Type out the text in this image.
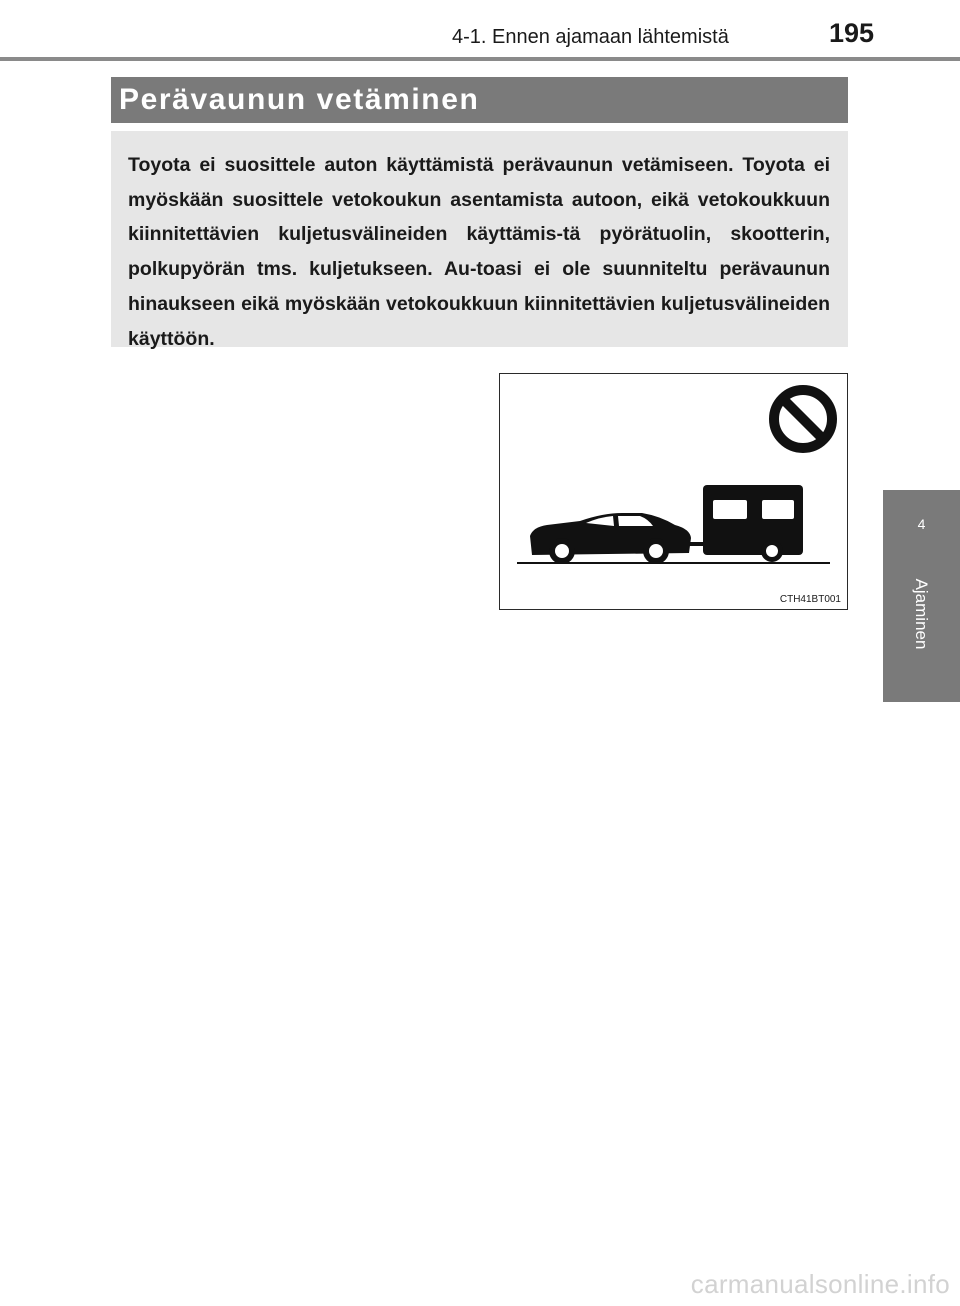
4-1. Ennen ajamaan lähtemistä	195
Perävaunun vetäminen
Toyota ei suosittele auton käyttämistä perävaunun vetämiseen. Toyota ei myöskään suosittele vetokoukun asentamista autoon, eikä vetokoukkuun kiinnitettävien kuljetusvälineiden käyttämis-tä pyörätuolin, skootterin, polkupyörän tms. kuljetukseen. Au-toasi ei ole suunniteltu perävaunun hinaukseen eikä myöskään vetokoukkuun kiinnitettävien kuljetusvälineiden käyttöön.
CTH41BT001
4
Ajaminen
carmanualsonline.info
